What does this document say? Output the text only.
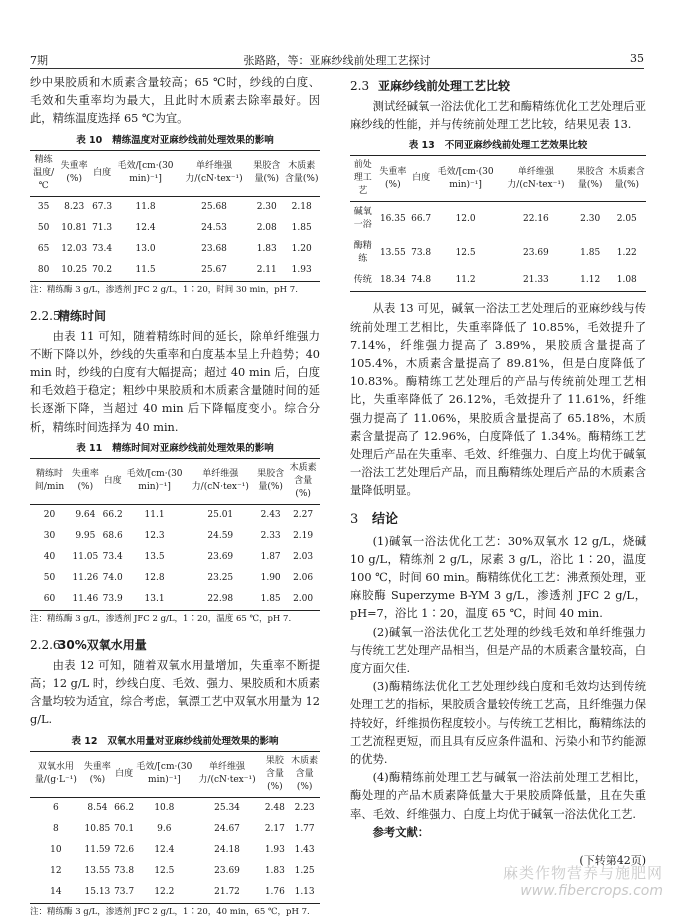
7期	张路路，等：亚麻纱线前处理工艺探讨	35

纱中果胶质和木质素含量较高；65 ℃时，纱线的白度、毛效和失重率均为最大，且此时木质素去除率最好。因此，精练温度选择 65 ℃为宜。

表 10 精练温度对亚麻纱线前处理效果的影响
精练温度/℃	失重率(%)	白度	毛效/[cm·(30 min)⁻¹]	单纤维强力/(cN·tex⁻¹)	果胶含量(%)	木质素含量(%)
35	8.23	67.3	11.8	25.68	2.30	2.18
50	10.81	71.3	12.4	24.53	2.08	1.85
65	12.03	73.4	13.0	23.68	1.83	1.20
80	10.25	70.2	11.5	25.67	2.11	1.93
注：精练酶 3 g/L，渗透剂 JFC 2 g/L，1∶20，时间 30 min，pH 7.
2.2.5精练时间

由表 11 可知，随着精练时间的延长，除单纤维强力不断下降以外，纱线的失重率和白度基本呈上升趋势；40 min 时，纱线的白度有大幅提高；超过 40 min 后，白度和毛效趋于稳定；粗纱中果胶质和木质素含量随时间的延长逐渐下降，当超过 40 min 后下降幅度变小。综合分析，精练时间选择为 40 min.

表 11 精练时间对亚麻纱线前处理效果的影响
精练时间/min	失重率(%)	白度	毛效/[cm·(30 min)⁻¹]	单纤维强力/(cN·tex⁻¹)	果胶含量(%)	木质素含量(%)
20	9.64	66.2	11.1	25.01	2.43	2.27
30	9.95	68.6	12.3	24.59	2.33	2.19
40	11.05	73.4	13.5	23.69	1.87	2.03
50	11.26	74.0	12.8	23.25	1.90	2.06
60	11.46	73.9	13.1	22.98	1.85	2.00
注：精练酶 3 g/L，渗透剂 JFC 2 g/L，1∶20，温度 65 ℃，pH 7.
2.2.630%双氧水用量

由表 12 可知，随着双氧水用量增加，失重率不断提高；12 g/L 时，纱线白度、毛效、强力、果胶质和木质素含量均较为适宜，综合考虑，氧漂工艺中双氧水用量为 12 g/L.

表 12 双氧水用量对亚麻纱线前处理效果的影响
双氧水用量/(g·L⁻¹)	失重率(%)	白度	毛效/[cm·(30 min)⁻¹]	单纤维强力/(cN·tex⁻¹)	果胶含量(%)	木质素含量(%)
6	8.54	66.2	10.8	25.34	2.48	2.23
8	10.85	70.1	9.6	24.67	2.17	1.77
10	11.59	72.6	12.4	24.18	1.93	1.43
12	13.55	73.8	12.5	23.69	1.83	1.25
14	15.13	73.7	12.2	21.72	1.76	1.13
注：精练酶 3 g/L，渗透剂 JFC 2 g/L，1∶20，40 min，65 ℃，pH 7.
2.3 亚麻纱线前处理工艺比较

测试经碱氧一浴法优化工艺和酶精练优化工艺处理后亚麻纱线的性能，并与传统前处理工艺比较，结果见表 13.

表 13 不同亚麻纱线前处理工艺效果比较
前处理工艺	失重率(%)	白度	毛效/[cm·(30 min)⁻¹]	单纤维强力/(cN·tex⁻¹)	果胶含量(%)	木质素含量(%)
碱氧一浴	16.35	66.7	12.0	22.16	2.30	2.05
酶精练	13.55	73.8	12.5	23.69	1.85	1.22
传统	18.34	74.8	11.2	21.33	1.12	1.08

从表 13 可见，碱氧一浴法工艺处理后的亚麻纱线与传统前处理工艺相比，失重率降低了 10.85%，毛效提升了 7.14%，纤维强力提高了 3.89%，果胶质含量提高了 105.4%，木质素含量提高了 89.81%，但是白度降低了 10.83%。酶精练工艺处理后的产品与传统前处理工艺相比，失重率降低了 26.12%，毛效提升了 11.61%，纤维强力提高了 11.06%，果胶质含量提高了 65.18%，木质素含量提高了 12.96%，白度降低了 1.34%。酶精练工艺处理后产品在失重率、毛效、纤维强力、白度上均优于碱氧一浴法工艺处理后产品，而且酶精练处理后产品的木质素含量降低明显。

3 结论

(1)碱氧一浴法优化工艺：30%双氧水 12 g/L，烧碱 10 g/L，精练剂 2 g/L，尿素 3 g/L，浴比 1∶20，温度 100 ℃，时间 60 min。酶精练优化工艺：沸煮预处理，亚麻胶酶 Superzyme B-YM 3 g/L，渗透剂 JFC 2 g/L，pH=7，浴比 1∶20，温度 65 ℃，时间 40 min.

(2)碱氧一浴法优化工艺处理的纱线毛效和单纤维强力与传统工艺处理产品相当，但是产品的木质素含量较高，白度方面欠佳.

(3)酶精练法优化工艺处理纱线白度和毛效均达到传统处理工艺的指标，果胶质含量较传统工艺高，且纤维强力保持较好，纤维损伤程度较小。与传统工艺相比，酶精练法的工艺流程更短，而且具有反应条件温和、污染小和节约能源的优势.

(4)酶精练前处理工艺与碱氧一浴法前处理工艺相比，酶处理的产品木质素降低量大于果胶质降低量，且在失重率、毛效、纤维强力、白度上均优于碱氧一浴法优化工艺.

参考文献：
(下转第42页)
麻类作物营养与施肥网
www.fibercrops.com
